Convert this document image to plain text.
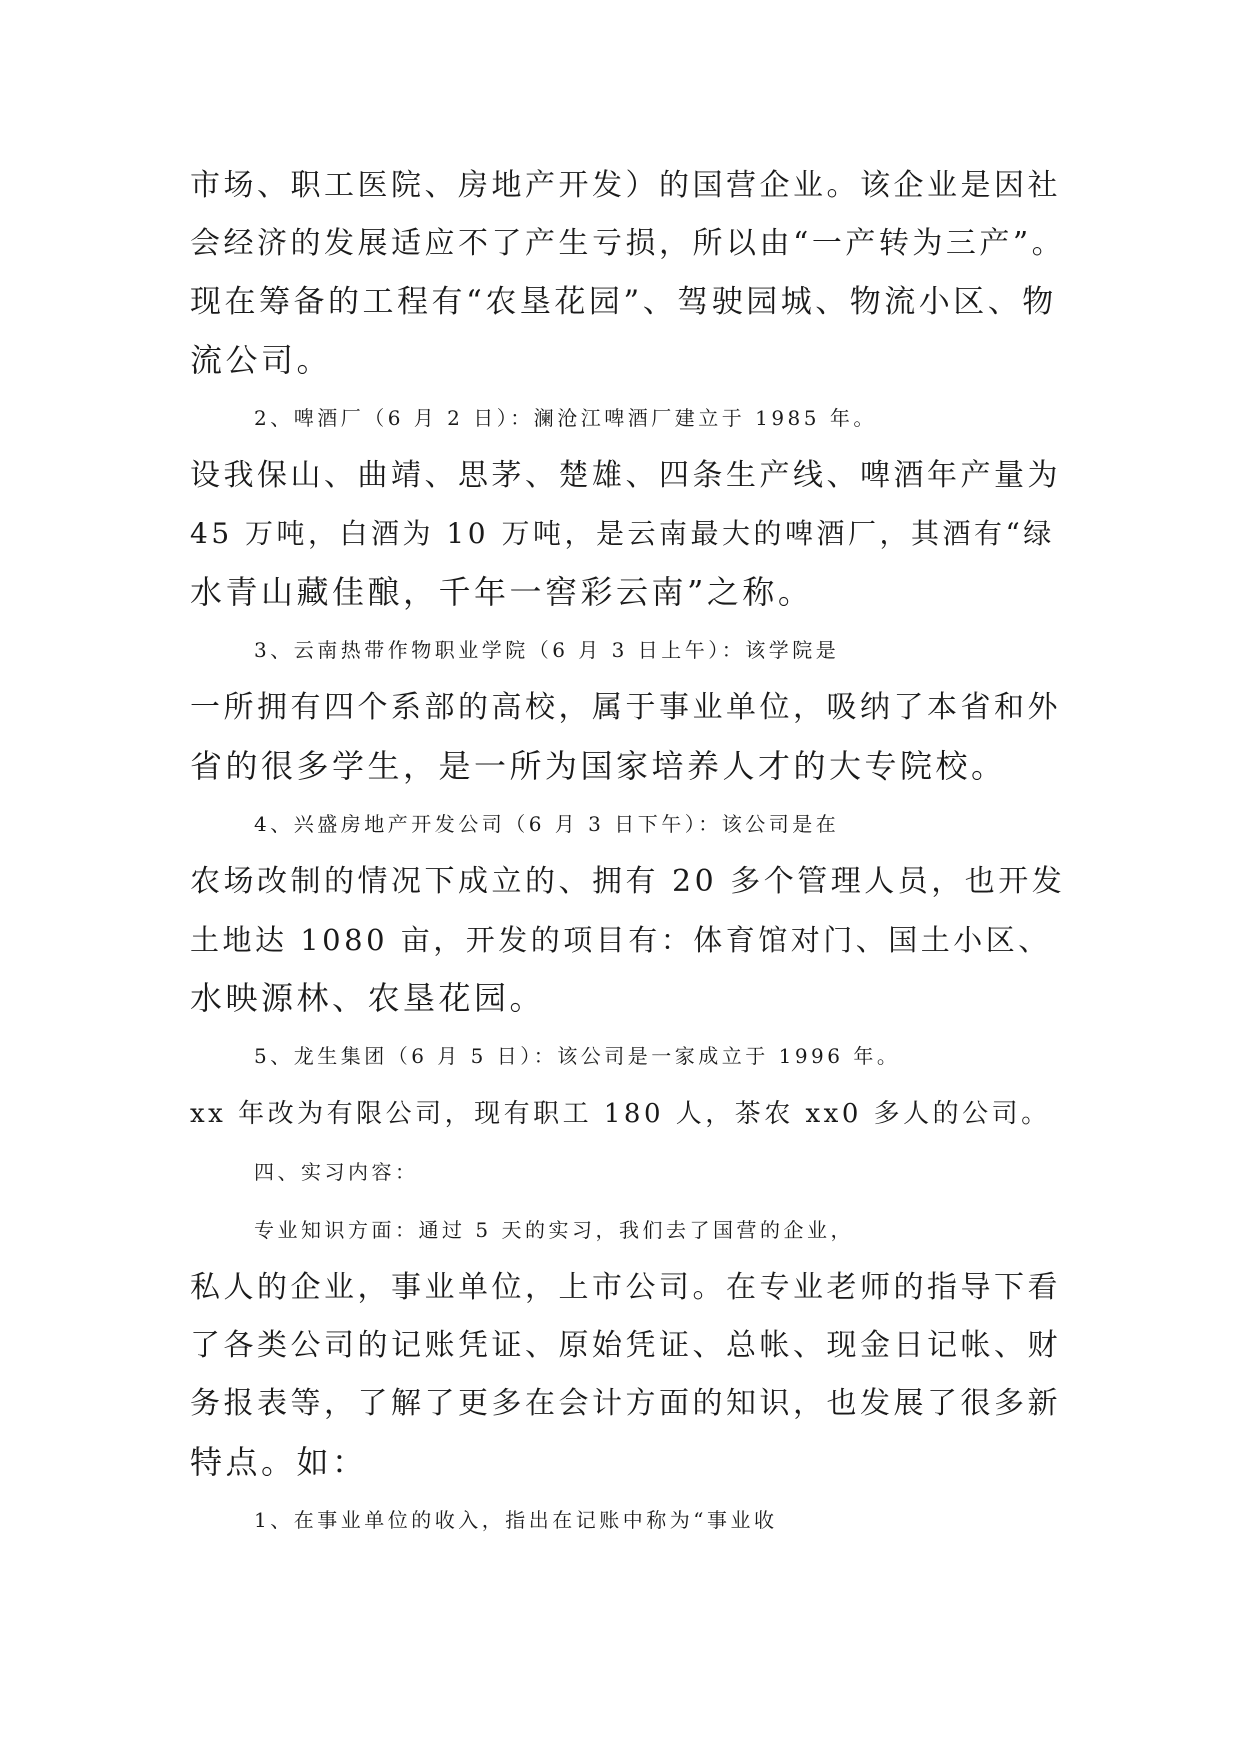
市场、职工医院、房地产开发）的国营企业。该企业是因社
会经济的发展适应不了产生亏损，所以由“一产转为三产”。
现在筹备的工程有“农垦花园”、驾驶园城、物流小区、物
流公司。
2、啤酒厂（6 月 2 日）：澜沧江啤酒厂建立于 1985 年。
设我保山、曲靖、思茅、楚雄、四条生产线、啤酒年产量为
45 万吨，白酒为 10 万吨，是云南最大的啤酒厂，其酒有“绿
水青山藏佳酿，千年一窖彩云南”之称。
3、云南热带作物职业学院（6 月 3 日上午）：该学院是
一所拥有四个系部的高校，属于事业单位，吸纳了本省和外
省的很多学生，是一所为国家培养人才的大专院校。
4、兴盛房地产开发公司（6 月 3 日下午）：该公司是在
农场改制的情况下成立的、拥有 20 多个管理人员，也开发
土地达 1080 亩，开发的项目有：体育馆对门、国土小区、
水映源林、农垦花园。
5、龙生集团（6 月 5 日）：该公司是一家成立于 1996 年。
xx 年改为有限公司，现有职工 180 人，茶农 xx0 多人的公司。
四、实习内容：
专业知识方面：通过 5 天的实习，我们去了国营的企业，
私人的企业，事业单位，上市公司。在专业老师的指导下看
了各类公司的记账凭证、原始凭证、总帐、现金日记帐、财
务报表等，了解了更多在会计方面的知识，也发展了很多新
特点。如：
1、在事业单位的收入，指出在记账中称为“事业收
